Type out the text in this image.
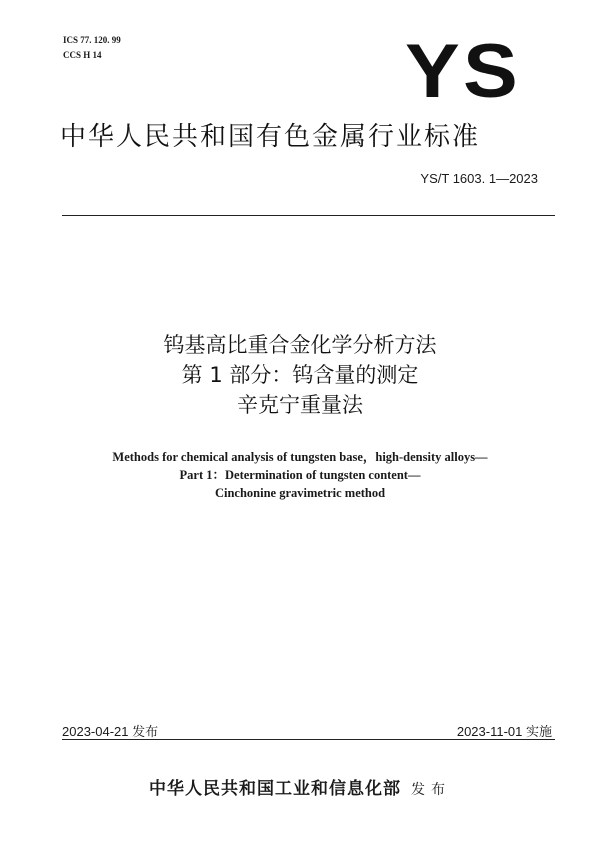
ICS 77. 120. 99
CCS H 14	YS
中华人民共和国有色金属行业标准
YS/T 1603. 1—2023
钨基高比重合金化学分析方法
第 1 部分：钨含量的测定
辛克宁重量法
Methods for chemical analysis of tungsten base，high-density alloys—
Part 1：Determination of tungsten content—
Cinchonine gravimetric method
2023-04-21 发布	2023-11-01 实施
中华人民共和国工业和信息化部 发布
